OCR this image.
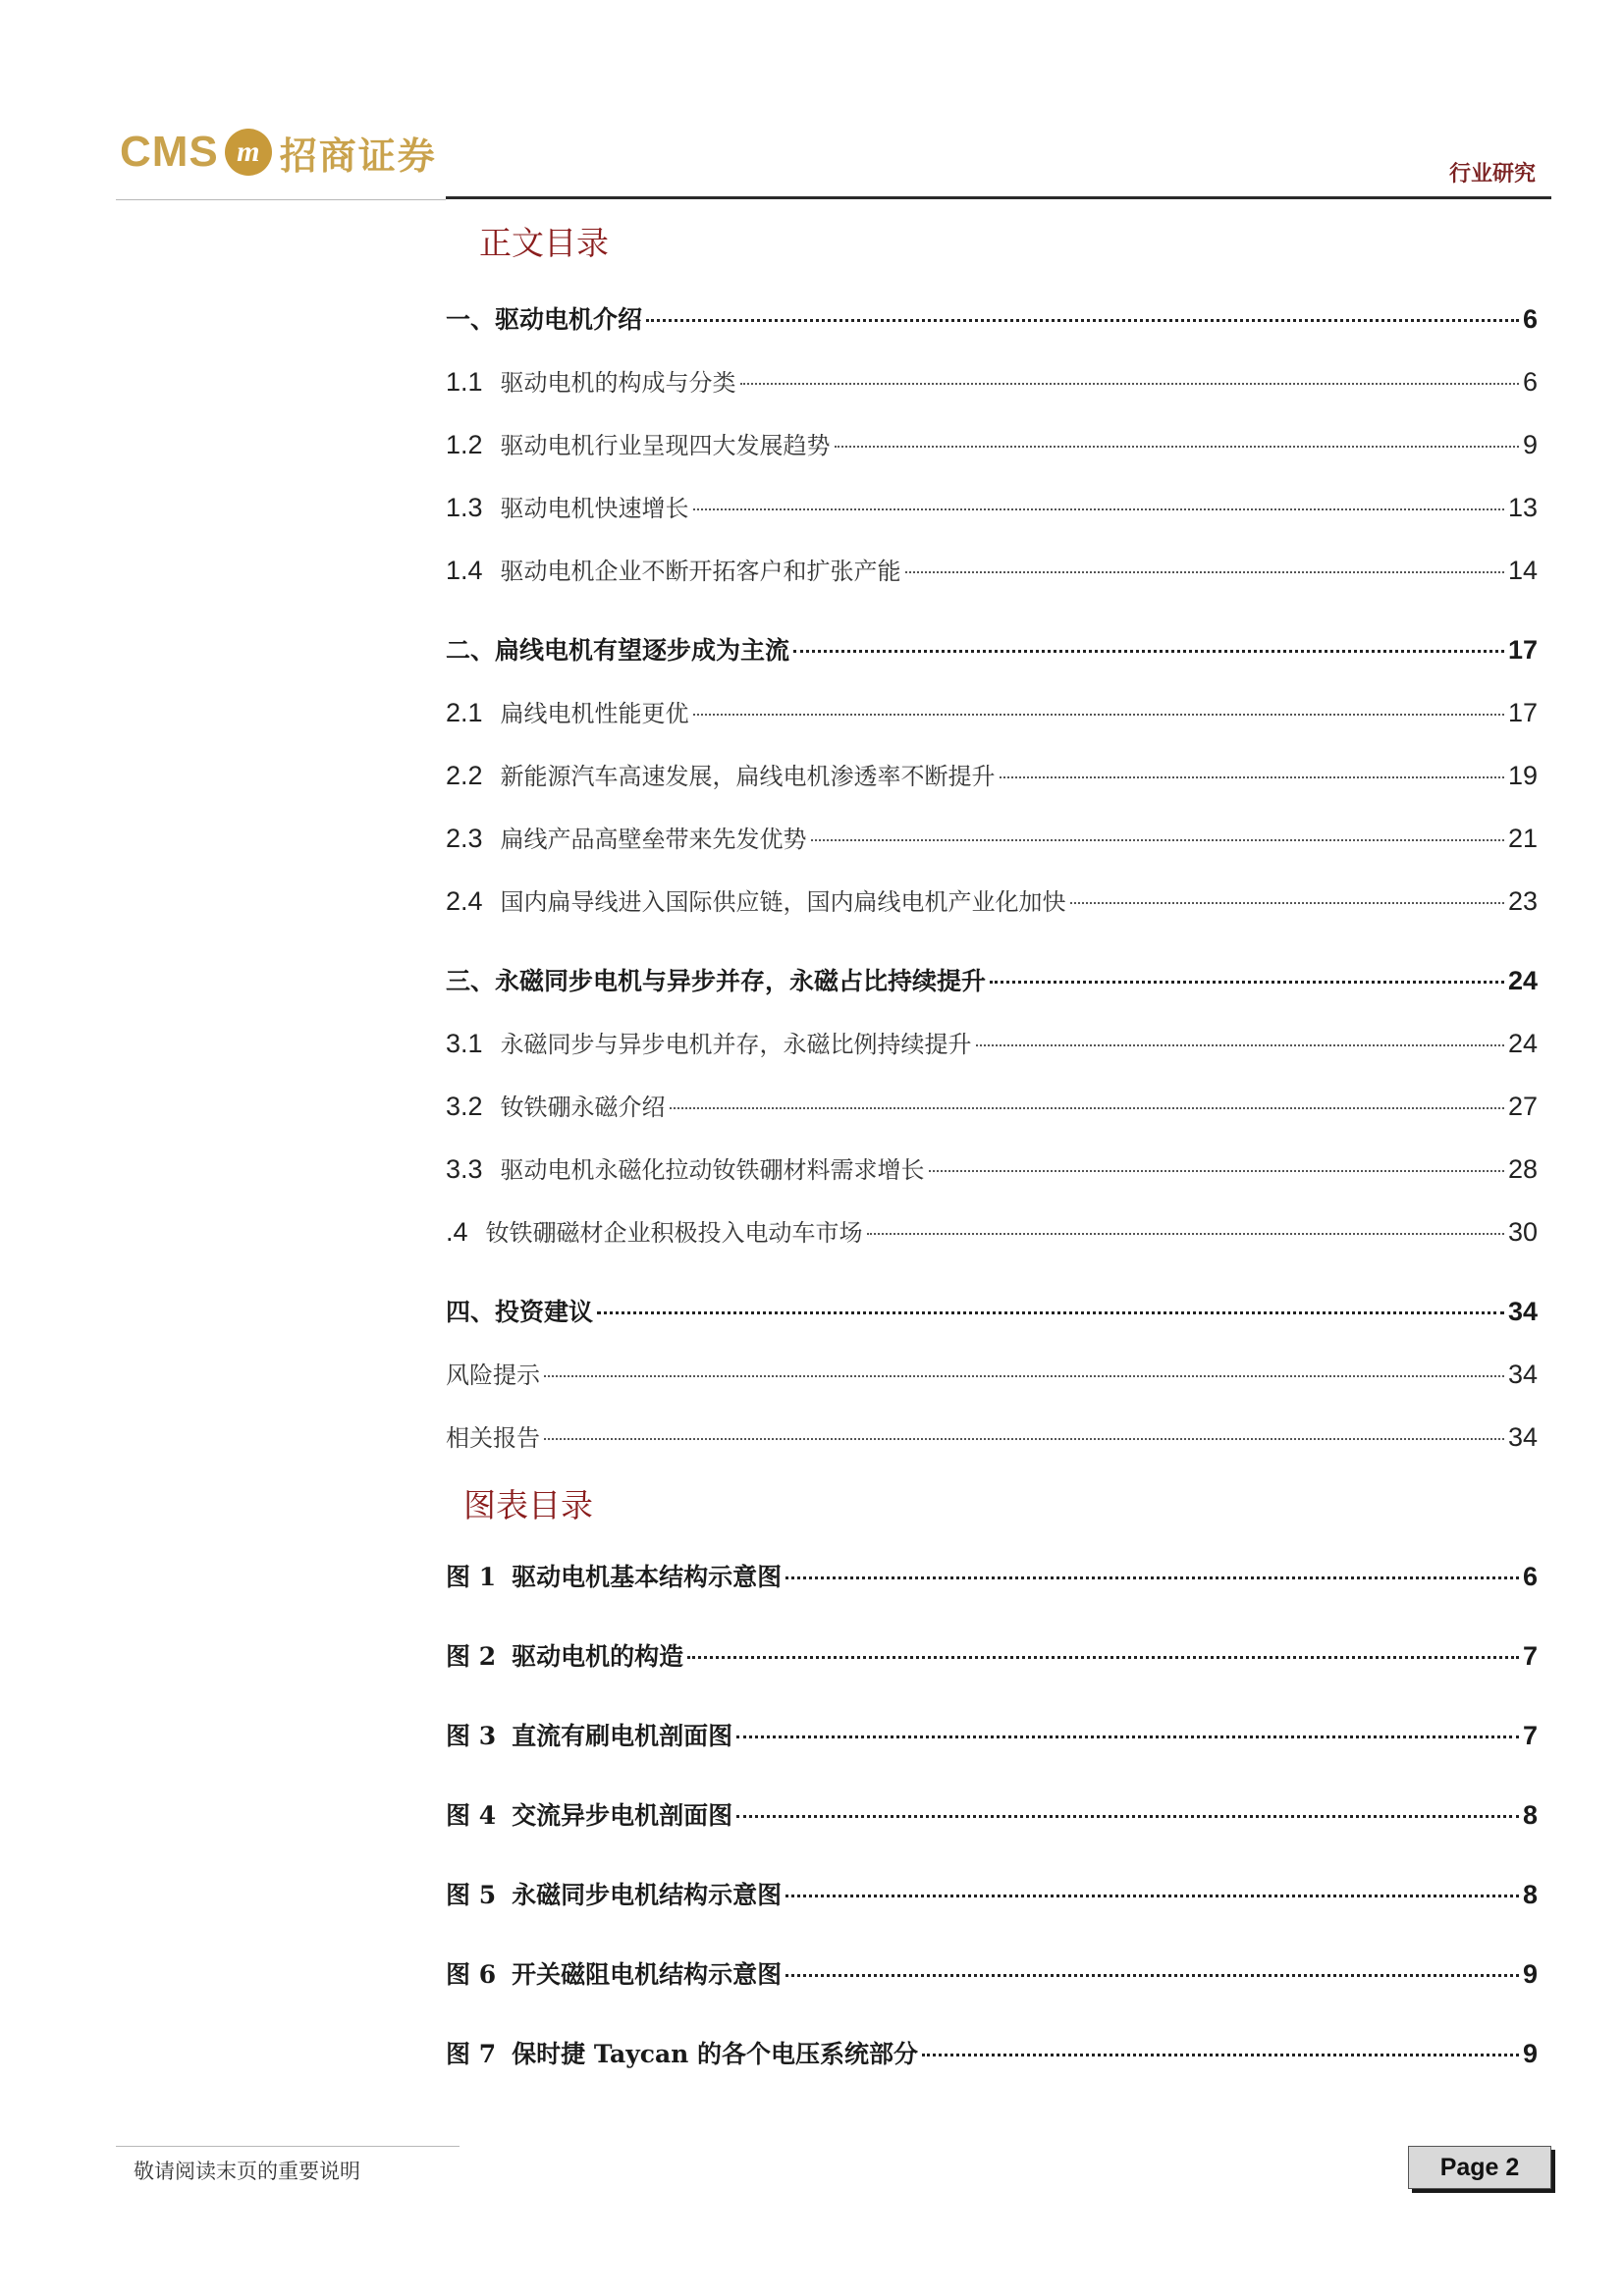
CMS m 招商证券	行业研究
正文目录
一、驱动电机介绍	6
1.1 驱动电机的构成与分类	6
1.2 驱动电机行业呈现四大发展趋势	9
1.3 驱动电机快速增长	13
1.4 驱动电机企业不断开拓客户和扩张产能	14
二、扁线电机有望逐步成为主流	17
2.1 扁线电机性能更优	17
2.2 新能源汽车高速发展，扁线电机渗透率不断提升	19
2.3 扁线产品高壁垒带来先发优势	21
2.4 国内扁导线进入国际供应链，国内扁线电机产业化加快	23
三、永磁同步电机与异步并存，永磁占比持续提升	24
3.1 永磁同步与异步电机并存，永磁比例持续提升	24
3.2 钕铁硼永磁介绍	27
3.3 驱动电机永磁化拉动钕铁硼材料需求增长	28
.4 钕铁硼磁材企业积极投入电动车市场	30
四、投资建议	34
风险提示	34
相关报告	34
图表目录
图 1 驱动电机基本结构示意图	6
图 2 驱动电机的构造	7
图 3 直流有刷电机剖面图	7
图 4 交流异步电机剖面图	8
图 5 永磁同步电机结构示意图	8
图 6 开关磁阻电机结构示意图	9
图 7 保时捷 Taycan 的各个电压系统部分	9
敬请阅读末页的重要说明	Page 2
